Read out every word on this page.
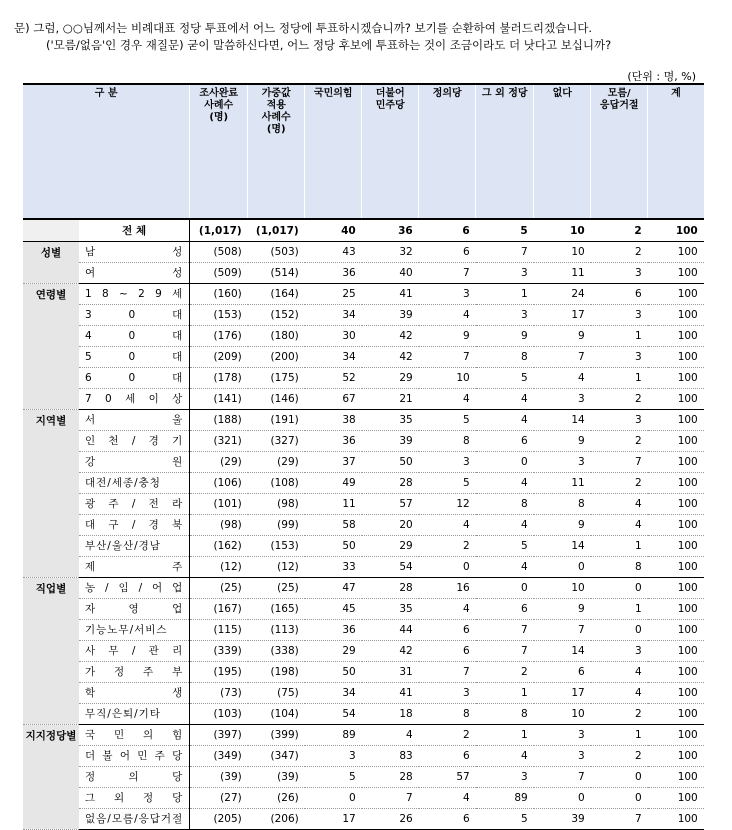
문) 그럼, ○○님께서는 비례대표 정당 투표에서 어느 정당에 투표하시겠습니까? 보기를 순환하여 불러드리겠습니다.
('모름/없음'인 경우 재질문) 굳이 말씀하신다면, 어느 정당 후보에 투표하는 것이 조금이라도 더 낫다고 보십니까?
(단위 : 명, %)
구 분		조사완료
사례수
(명)	가중값
적용
사례수
(명)	국민의힘	더불어
민주당	정의당	그 외 정당	없다	모름/
응답거절	계

	전 체	(1,017)	(1,017)	40	36	6	5	10	2	100
성별	남 성	(508)	(503)	43	32	6	7	10	2	100
	여 성	(509)	(514)	36	40	7	3	11	3	100
연령별	1 8 ~ 2 9 세	(160)	(164)	25	41	3	1	24	6	100
	3 0 대	(153)	(152)	34	39	4	3	17	3	100
	4 0 대	(176)	(180)	30	42	9	9	9	1	100
	5 0 대	(209)	(200)	34	42	7	8	7	3	100
	6 0 대	(178)	(175)	52	29	10	5	4	1	100
	7 0 세 이 상	(141)	(146)	67	21	4	4	3	2	100
지역별	서 울	(188)	(191)	38	35	5	4	14	3	100
	인 천 / 경 기	(321)	(327)	36	39	8	6	9	2	100
	강 원	(29)	(29)	37	50	3	0	3	7	100
	대전/세종/충청	(106)	(108)	49	28	5	4	11	2	100
	광 주 / 전 라	(101)	(98)	11	57	12	8	8	4	100
	대 구 / 경 북	(98)	(99)	58	20	4	4	9	4	100
	부산/울산/경남	(162)	(153)	50	29	2	5	14	1	100
	제 주	(12)	(12)	33	54	0	4	0	8	100
직업별	농 / 임 / 어 업	(25)	(25)	47	28	16	0	10	0	100
	자 영 업	(167)	(165)	45	35	4	6	9	1	100
	기능노무/서비스	(115)	(113)	36	44	6	7	7	0	100
	사 무 / 관 리	(339)	(338)	29	42	6	7	14	3	100
	가 정 주 부	(195)	(198)	50	31	7	2	6	4	100
	학 생	(73)	(75)	34	41	3	1	17	4	100
	무직/은퇴/기타	(103)	(104)	54	18	8	8	10	2	100
지지정당별	국 민 의 힘	(397)	(399)	89	4	2	1	3	1	100
	더 불 어 민 주 당	(349)	(347)	3	83	6	4	3	2	100
	정 의 당	(39)	(39)	5	28	57	3	7	0	100
	그 외 정 당	(27)	(26)	0	7	4	89	0	0	100
	없음/모름/응답거절	(205)	(206)	17	26	6	5	39	7	100
